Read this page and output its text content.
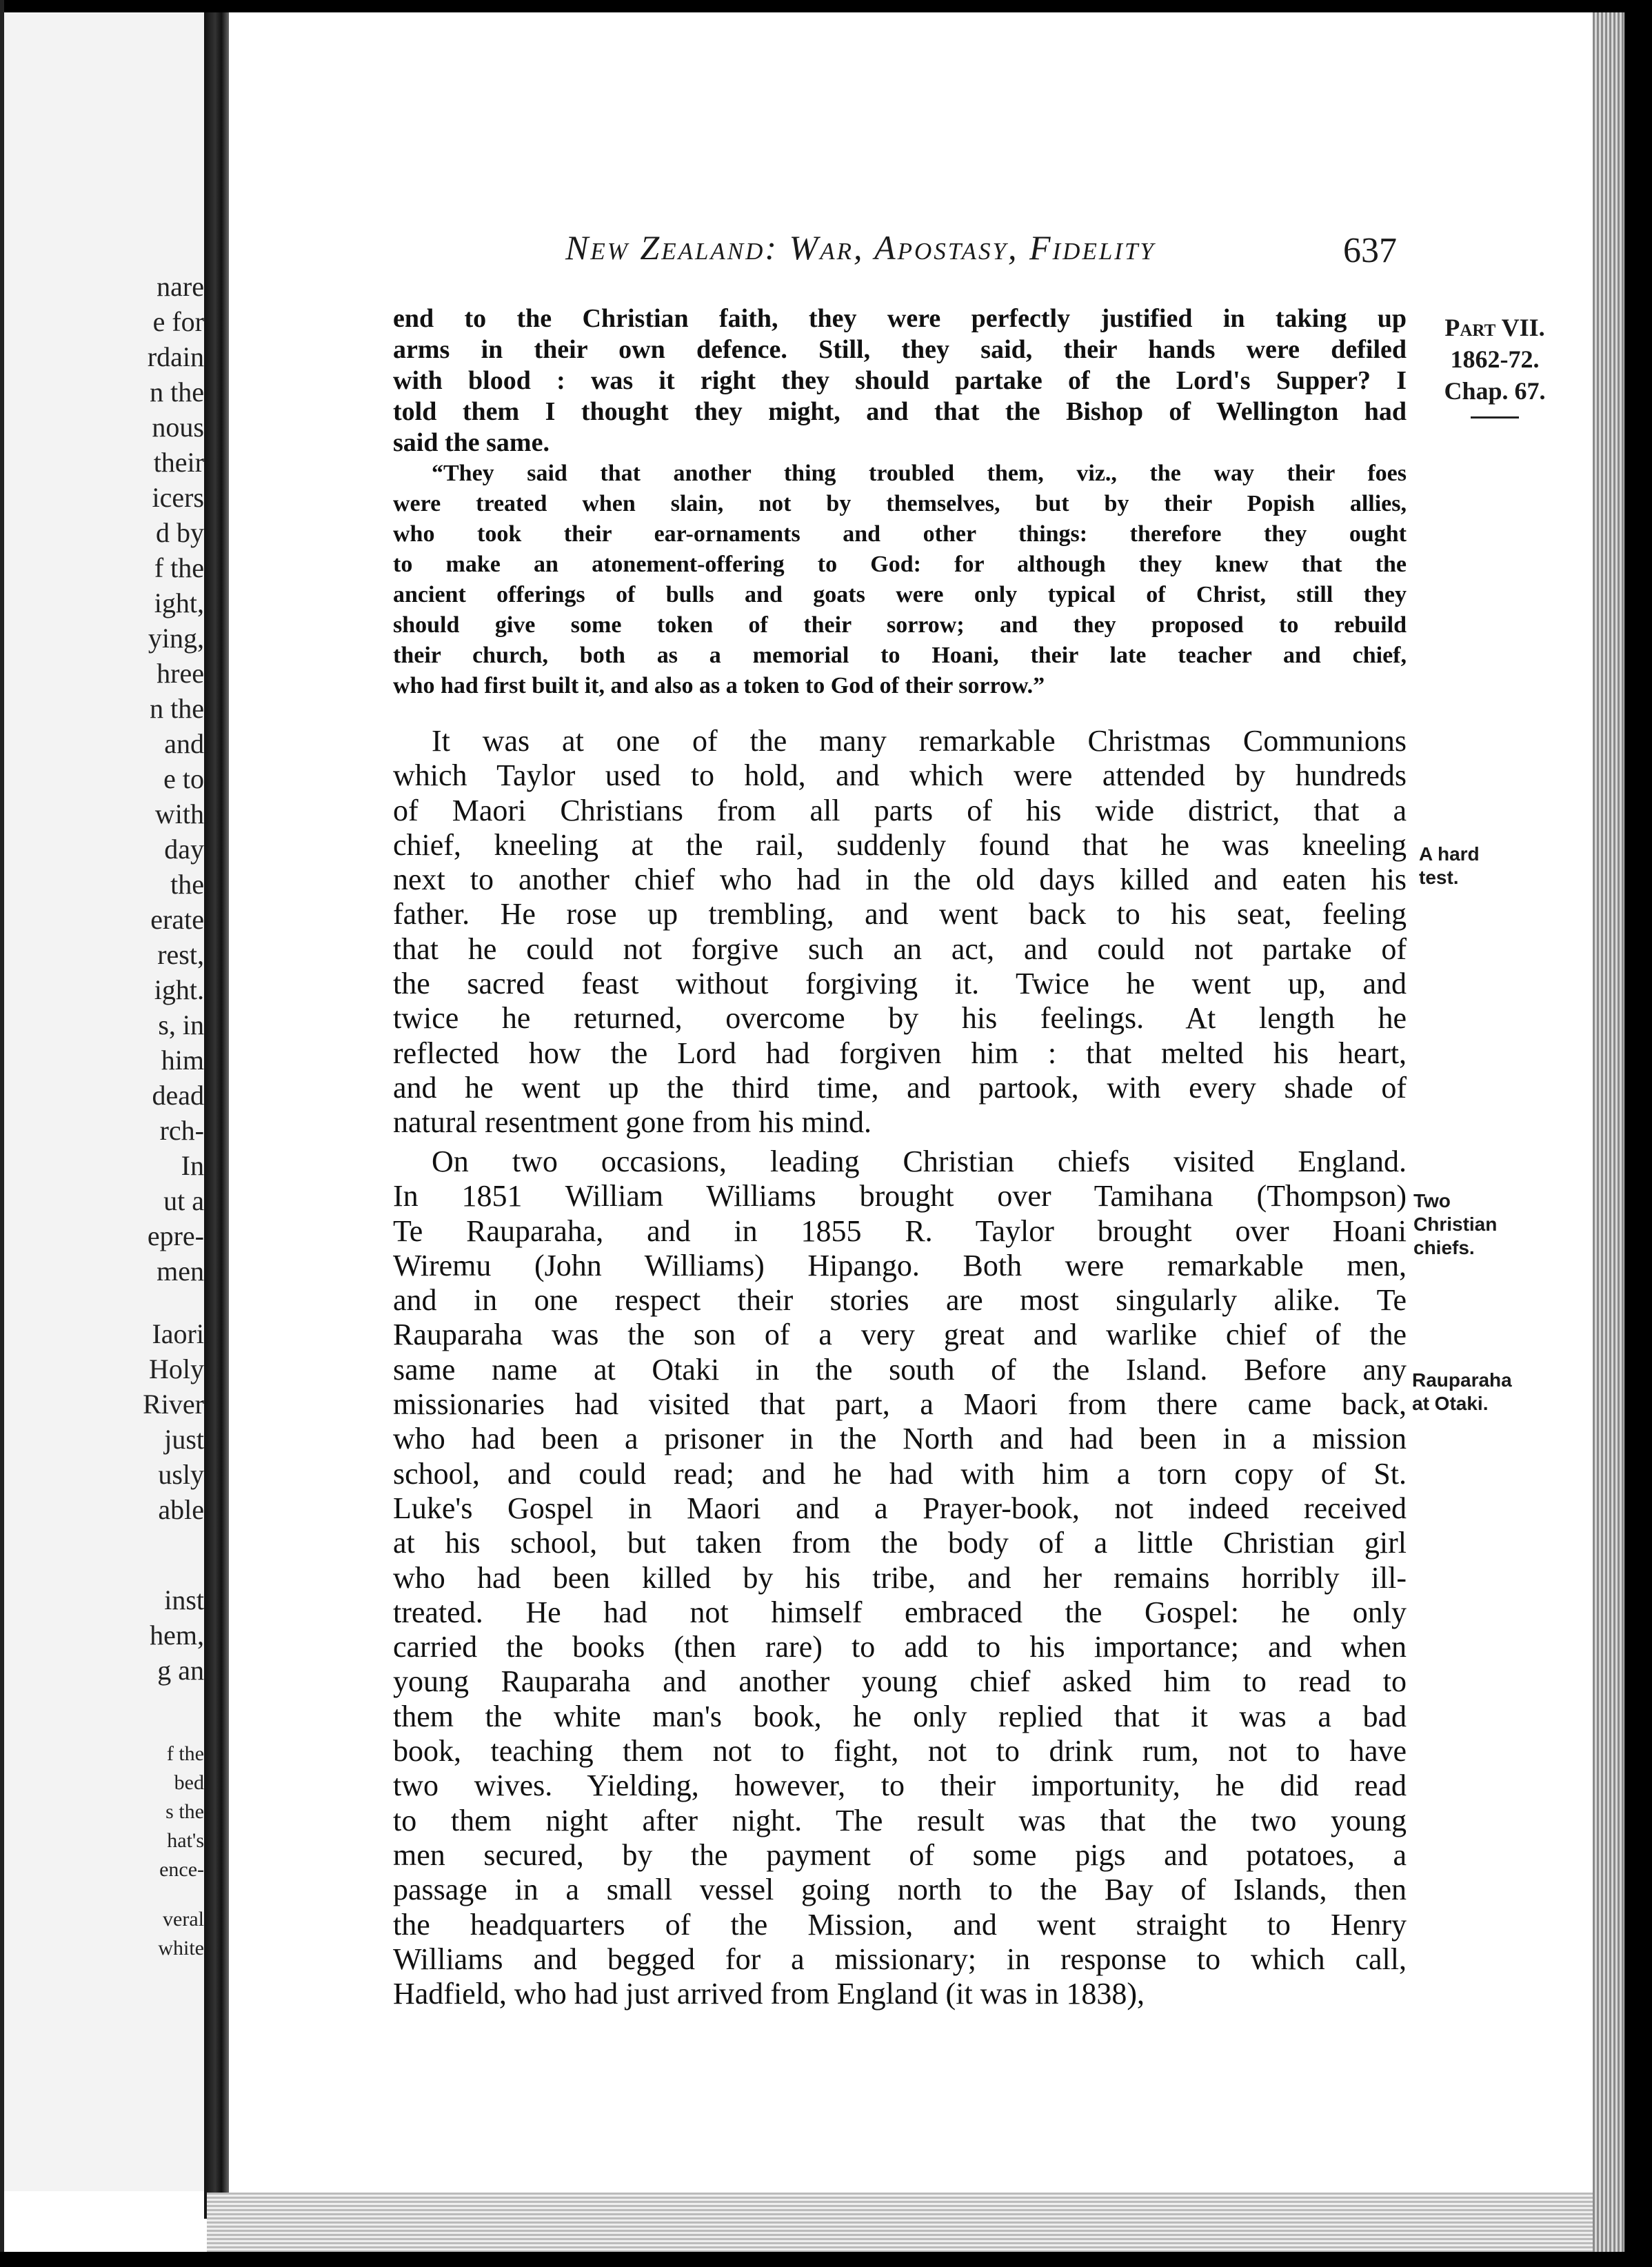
nare
e for
rdain
n the
nous
their
icers
d by
f the
ight,
ying,
hree
n the
and
e to
with
day
the
erate
rest,
ight.
s, in
him
dead
rch-
In
ut a
epre-
men
Iaori
Holy
River
just
usly
able
inst
hem,
g an
f the
bed
s the
hat's
ence-
veral
white
New Zealand: War, Apostasy, Fidelity	637
end to the Christian faith, they were perfectly justified in taking up
arms in their own defence. Still, they said, their hands were defiled
with blood : was it right they should partake of the Lord's Supper? I
told them I thought they might, and that the Bishop of Wellington had
said the same.
“They said that another thing troubled them, viz., the way their foes
were treated when slain, not by themselves, but by their Popish allies,
who took their ear-ornaments and other things: therefore they ought
to make an atonement-offering to God: for although they knew that the
ancient offerings of bulls and goats were only typical of Christ, still they
should give some token of their sorrow; and they proposed to rebuild
their church, both as a memorial to Hoani, their late teacher and chief,
who had first built it, and also as a token to God of their sorrow.”
It was at one of the many remarkable Christmas Communions
which Taylor used to hold, and which were attended by hundreds
of Maori Christians from all parts of his wide district, that a
chief, kneeling at the rail, suddenly found that he was kneeling
next to another chief who had in the old days killed and eaten his
father. He rose up trembling, and went back to his seat, feeling
that he could not forgive such an act, and could not partake of
the sacred feast without forgiving it. Twice he went up, and
twice he returned, overcome by his feelings. At length he
reflected how the Lord had forgiven him : that melted his heart,
and he went up the third time, and partook, with every shade of
natural resentment gone from his mind.
On two occasions, leading Christian chiefs visited England.
In 1851 William Williams brought over Tamihana (Thompson)
Te Rauparaha, and in 1855 R. Taylor brought over Hoani
Wiremu (John Williams) Hipango. Both were remarkable men,
and in one respect their stories are most singularly alike. Te
Rauparaha was the son of a very great and warlike chief of the
same name at Otaki in the south of the Island. Before any
missionaries had visited that part, a Maori from there came back,
who had been a prisoner in the North and had been in a mission
school, and could read; and he had with him a torn copy of St.
Luke's Gospel in Maori and a Prayer-book, not indeed received
at his school, but taken from the body of a little Christian girl
who had been killed by his tribe, and her remains horribly ill-
treated. He had not himself embraced the Gospel: he only
carried the books (then rare) to add to his importance; and when
young Rauparaha and another young chief asked him to read to
them the white man's book, he only replied that it was a bad
book, teaching them not to fight, not to drink rum, not to have
two wives. Yielding, however, to their importunity, he did read
to them night after night. The result was that the two young
men secured, by the payment of some pigs and potatoes, a
passage in a small vessel going north to the Bay of Islands, then
the headquarters of the Mission, and went straight to Henry
Williams and begged for a missionary; in response to which call,
Hadfield, who had just arrived from England (it was in 1838),
Part VII.
1862-72.
Chap. 67.
A hard
test.
Two
Christian
chiefs.
Rauparaha
at Otaki.
